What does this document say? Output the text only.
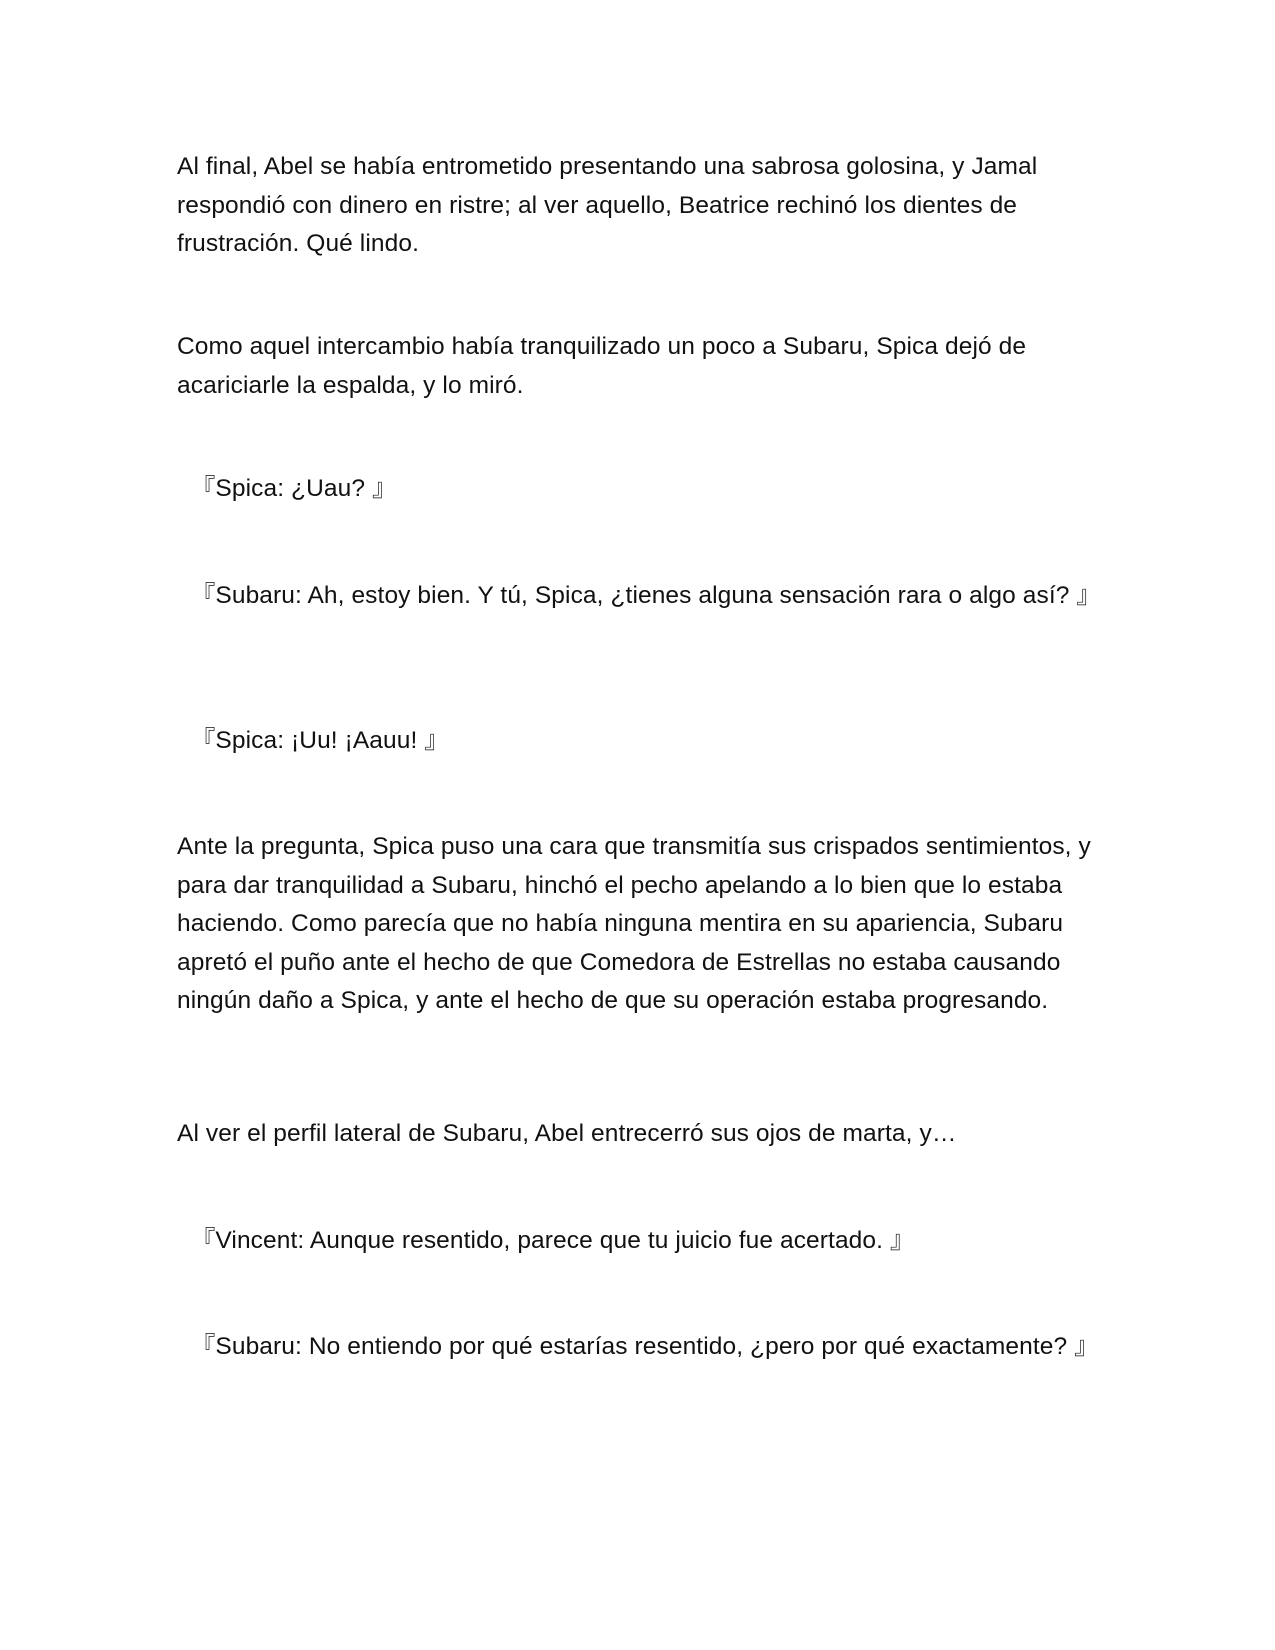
Al final, Abel se había entrometido presentando una sabrosa golosina, y Jamal respondió con dinero en ristre; al ver aquello, Beatrice rechinó los dientes de frustración. Qué lindo.

Como aquel intercambio había tranquilizado un poco a Subaru, Spica dejó de acariciarle la espalda, y lo miró.

『Spica: ¿Uau? 』

『Subaru: Ah, estoy bien. Y tú, Spica, ¿tienes alguna sensación rara o algo así? 』

『Spica: ¡Uu! ¡Aauu! 』

Ante la pregunta, Spica puso una cara que transmitía sus crispados sentimientos, y para dar tranquilidad a Subaru, hinchó el pecho apelando a lo bien que lo estaba haciendo. Como parecía que no había ninguna mentira en su apariencia, Subaru apretó el puño ante el hecho de que Comedora de Estrellas no estaba causando ningún daño a Spica, y ante el hecho de que su operación estaba progresando.

Al ver el perfil lateral de Subaru, Abel entrecerró sus ojos de marta, y…

『Vincent: Aunque resentido, parece que tu juicio fue acertado. 』

『Subaru: No entiendo por qué estarías resentido, ¿pero por qué exactamente? 』
